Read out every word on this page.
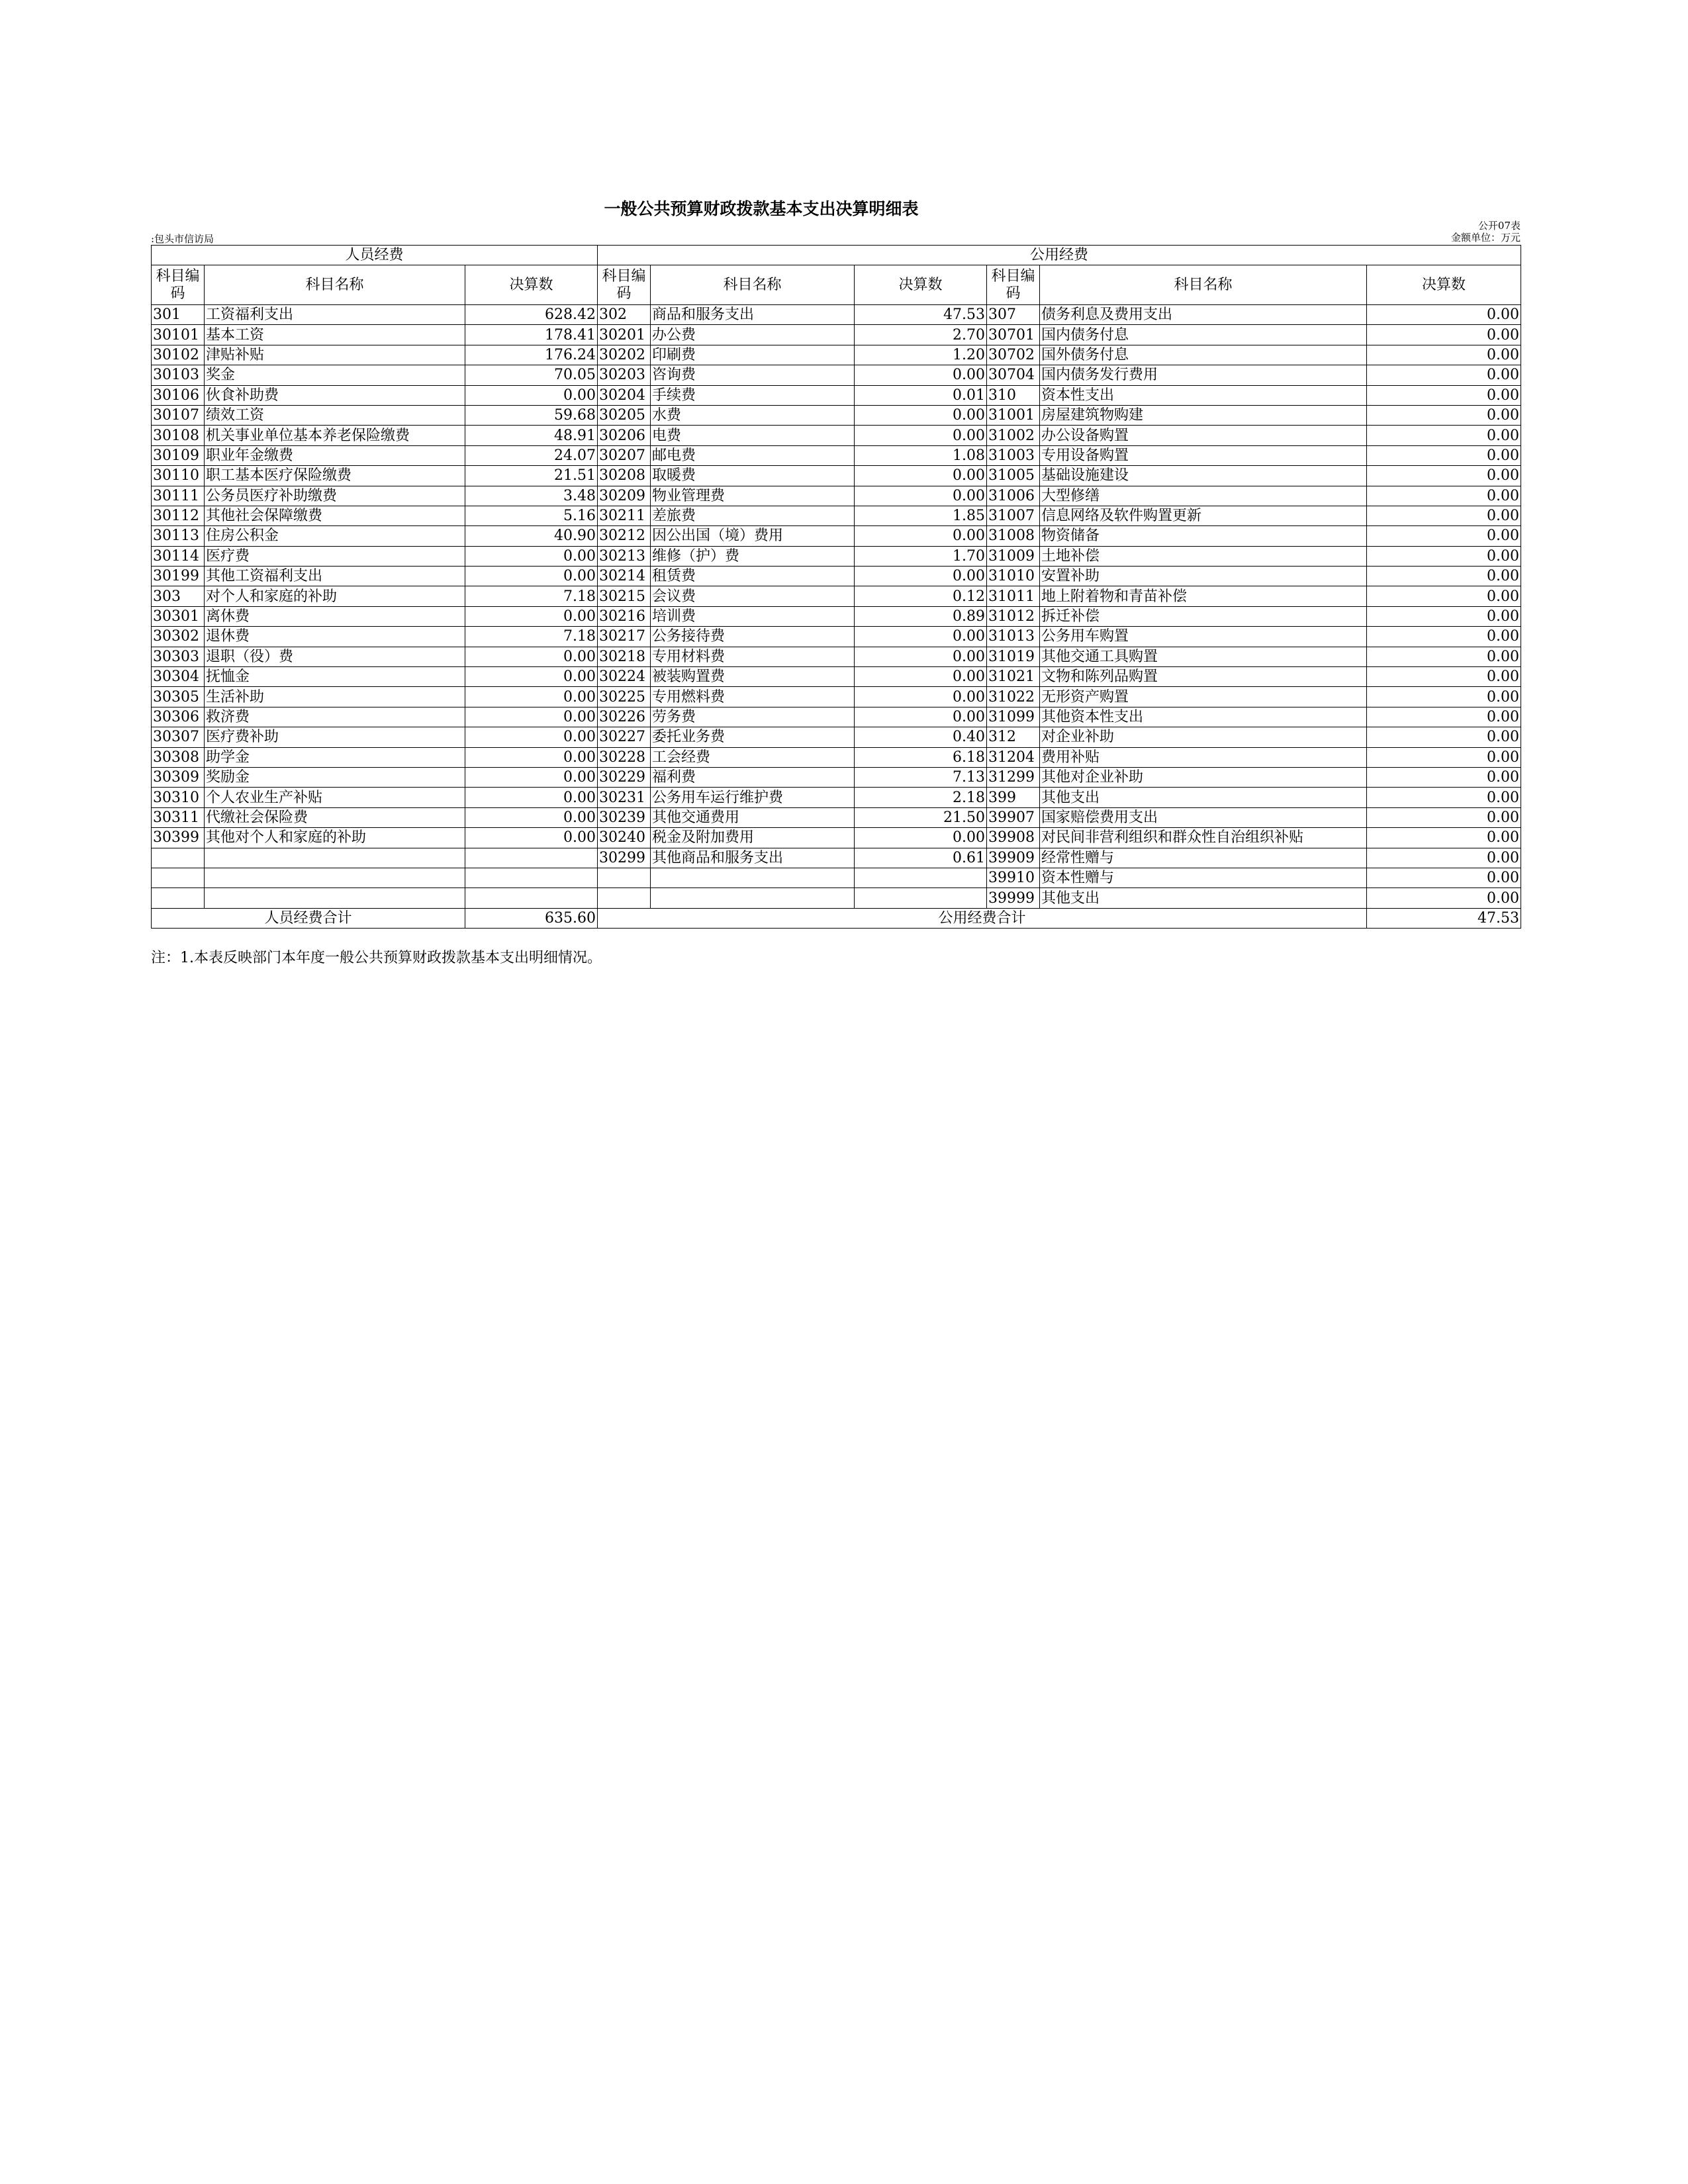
一般公共预算财政拨款基本支出决算明细表
公开07表
金额单位：万元
:包头市信访局
人员经费			公用经费					
科目编码	科目名称	决算数	科目编码	科目名称	决算数	科目编码	科目名称	决算数
301	工资福利支出	628.42	302	商品和服务支出	47.53	307	债务利息及费用支出	0.00
30101	基本工资	178.41	30201	办公费	2.70	30701	国内债务付息	0.00
30102	津贴补贴	176.24	30202	印刷费	1.20	30702	国外债务付息	0.00
30103	奖金	70.05	30203	咨询费	0.00	30704	国内债务发行费用	0.00
30106	伙食补助费	0.00	30204	手续费	0.01	310	资本性支出	0.00
30107	绩效工资	59.68	30205	水费	0.00	31001	房屋建筑物购建	0.00
30108	机关事业单位基本养老保险缴费	48.91	30206	电费	0.00	31002	办公设备购置	0.00
30109	职业年金缴费	24.07	30207	邮电费	1.08	31003	专用设备购置	0.00
30110	职工基本医疗保险缴费	21.51	30208	取暖费	0.00	31005	基础设施建设	0.00
30111	公务员医疗补助缴费	3.48	30209	物业管理费	0.00	31006	大型修缮	0.00
30112	其他社会保障缴费	5.16	30211	差旅费	1.85	31007	信息网络及软件购置更新	0.00
30113	住房公积金	40.90	30212	因公出国（境）费用	0.00	31008	物资储备	0.00
30114	医疗费	0.00	30213	维修（护）费	1.70	31009	土地补偿	0.00
30199	其他工资福利支出	0.00	30214	租赁费	0.00	31010	安置补助	0.00
303	对个人和家庭的补助	7.18	30215	会议费	0.12	31011	地上附着物和青苗补偿	0.00
30301	离休费	0.00	30216	培训费	0.89	31012	拆迁补偿	0.00
30302	退休费	7.18	30217	公务接待费	0.00	31013	公务用车购置	0.00
30303	退职（役）费	0.00	30218	专用材料费	0.00	31019	其他交通工具购置	0.00
30304	抚恤金	0.00	30224	被装购置费	0.00	31021	文物和陈列品购置	0.00
30305	生活补助	0.00	30225	专用燃料费	0.00	31022	无形资产购置	0.00
30306	救济费	0.00	30226	劳务费	0.00	31099	其他资本性支出	0.00
30307	医疗费补助	0.00	30227	委托业务费	0.40	312	对企业补助	0.00
30308	助学金	0.00	30228	工会经费	6.18	31204	费用补贴	0.00
30309	奖励金	0.00	30229	福利费	7.13	31299	其他对企业补助	0.00
30310	个人农业生产补贴	0.00	30231	公务用车运行维护费	2.18	399	其他支出	0.00
30311	代缴社会保险费	0.00	30239	其他交通费用	21.50	39907	国家赔偿费用支出	0.00
30399	其他对个人和家庭的补助	0.00	30240	税金及附加费用	0.00	39908	对民间非营利组织和群众性自治组织补贴	0.00
			30299	其他商品和服务支出	0.61	39909	经常性赠与	0.00
						39910	资本性赠与	0.00
						39999	其他支出	0.00
人员经费合计		635.60	公用经费合计					47.53
注：1.本表反映部门本年度一般公共预算财政拨款基本支出明细情况。
